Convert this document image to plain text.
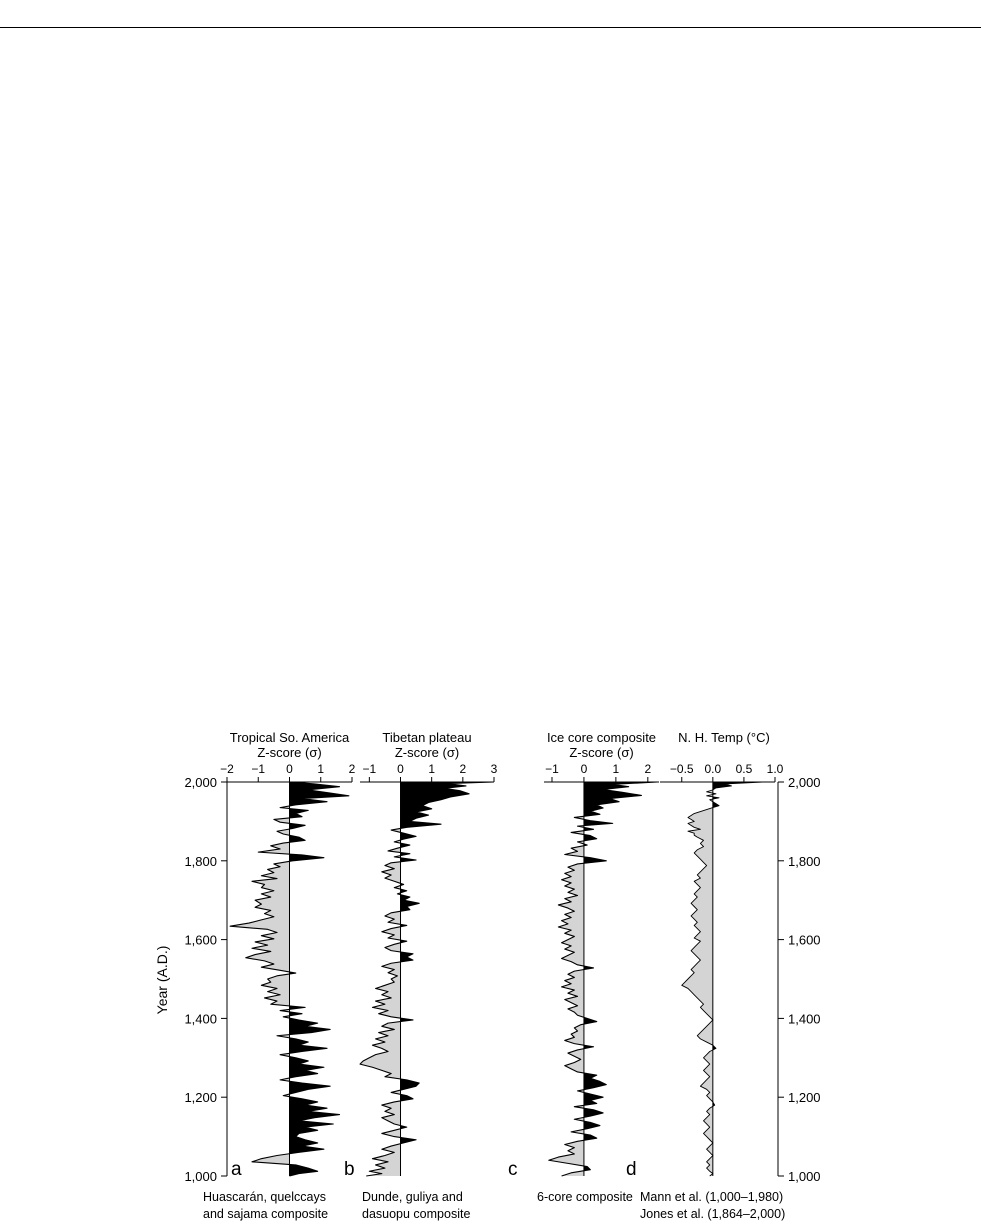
Year (A.D.)
−2 −1 0 1 2
Tropical So. America
Z-score (σ)
a
Huascarán, quelccays
and sajama composite
−1 0 1 2 3
Tibetan plateau
Z-score (σ)
b
Dunde, guliya and
dasuopu composite
−1 0 1 2
Ice core composite
Z-score (σ)
c
6-core composite
−0.5 0.0 0.5 1.0
N. H. Temp (°C)
d
Mann et al. (1,000–1,980)
Jones et al. (1,864–2,000)
1,000
1,200
1,400
1,600
1,800
2,000
1,000
1,200
1,400
1,600
1,800
2,000
